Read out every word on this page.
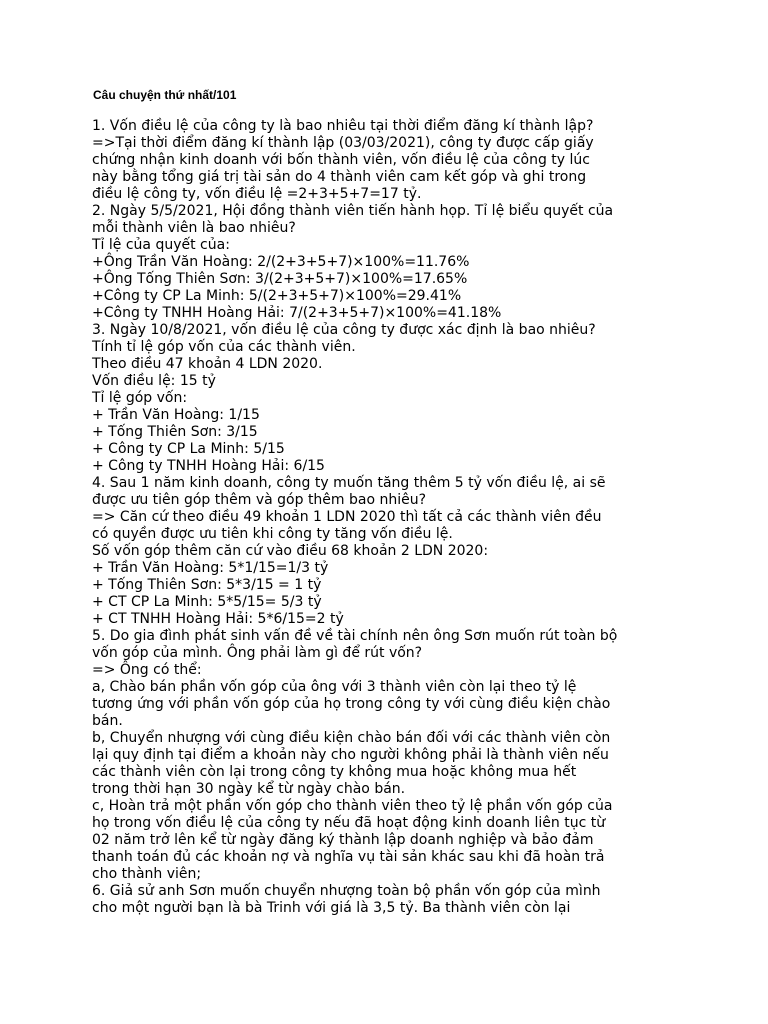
Câu chuyện thứ nhất/101
1. Vốn điều lệ của công ty là bao nhiêu tại thời điểm đăng kí thành lập?
=>Tại thời điểm đăng kí thành lập (03/03/2021), công ty được cấp giấy
chứng nhận kinh doanh với bốn thành viên, vốn điều lệ của công ty lúc
này bằng tổng giá trị tài sản do 4 thành viên cam kết góp và ghi trong
điều lệ công ty, vốn điều lệ =2+3+5+7=17 tỷ.
2. Ngày 5/5/2021, Hội đồng thành viên tiến hành họp. Tỉ lệ biểu quyết của
mỗi thành viên là bao nhiêu?
Tỉ lệ của quyết của:
+Ông Trần Văn Hoàng: 2/(2+3+5+7)×100%=11.76%
+Ông Tống Thiên Sơn: 3/(2+3+5+7)×100%=17.65%
+Công ty CP La Minh: 5/(2+3+5+7)×100%=29.41%
+Công ty TNHH Hoàng Hải: 7/(2+3+5+7)×100%=41.18%
3. Ngày 10/8/2021, vốn điều lệ của công ty được xác định là bao nhiêu?
Tính tỉ lệ góp vốn của các thành viên.
Theo điều 47 khoản 4 LDN 2020.
Vốn điều lệ: 15 tỷ
Tỉ lệ góp vốn:
+ Trần Văn Hoàng: 1/15
+ Tống Thiên Sơn: 3/15
+ Công ty CP La Minh: 5/15
+ Công ty TNHH Hoàng Hải: 6/15
4. Sau 1 năm kinh doanh, công ty muốn tăng thêm 5 tỷ vốn điều lệ, ai sẽ
được ưu tiên góp thêm và góp thêm bao nhiêu?
=> Căn cứ theo điều 49 khoản 1 LDN 2020 thì tất cả các thành viên đều
có quyền được ưu tiên khi công ty tăng vốn điều lệ.
Số vốn góp thêm căn cứ vào điều 68 khoản 2 LDN 2020:
+ Trần Văn Hoàng: 5*1/15=1/3 tỷ
+ Tống Thiên Sơn: 5*3/15 = 1 tỷ
+ CT CP La Minh: 5*5/15= 5/3 tỷ
+ CT TNHH Hoàng Hải: 5*6/15=2 tỷ
5. Do gia đình phát sinh vấn đề về tài chính nên ông Sơn muốn rút toàn bộ
vốn góp của mình. Ông phải làm gì để rút vốn?
=> Ông có thể:
a, Chào bán phần vốn góp của ông với 3 thành viên còn lại theo tỷ lệ
tương ứng với phần vốn góp của họ trong công ty với cùng điều kiện chào
bán.
b, Chuyển nhượng với cùng điều kiện chào bán đối với các thành viên còn
lại quy định tại điểm a khoản này cho người không phải là thành viên nếu
các thành viên còn lại trong công ty không mua hoặc không mua hết
trong thời hạn 30 ngày kể từ ngày chào bán.
c, Hoàn trả một phần vốn góp cho thành viên theo tỷ lệ phần vốn góp của
họ trong vốn điều lệ của công ty nếu đã hoạt động kinh doanh liên tục từ
02 năm trở lên kể từ ngày đăng ký thành lập doanh nghiệp và bảo đảm
thanh toán đủ các khoản nợ và nghĩa vụ tài sản khác sau khi đã hoàn trả
cho thành viên;
6. Giả sử anh Sơn muốn chuyển nhượng toàn bộ phần vốn góp của mình
cho một người bạn là bà Trinh với giá là 3,5 tỷ. Ba thành viên còn lại
